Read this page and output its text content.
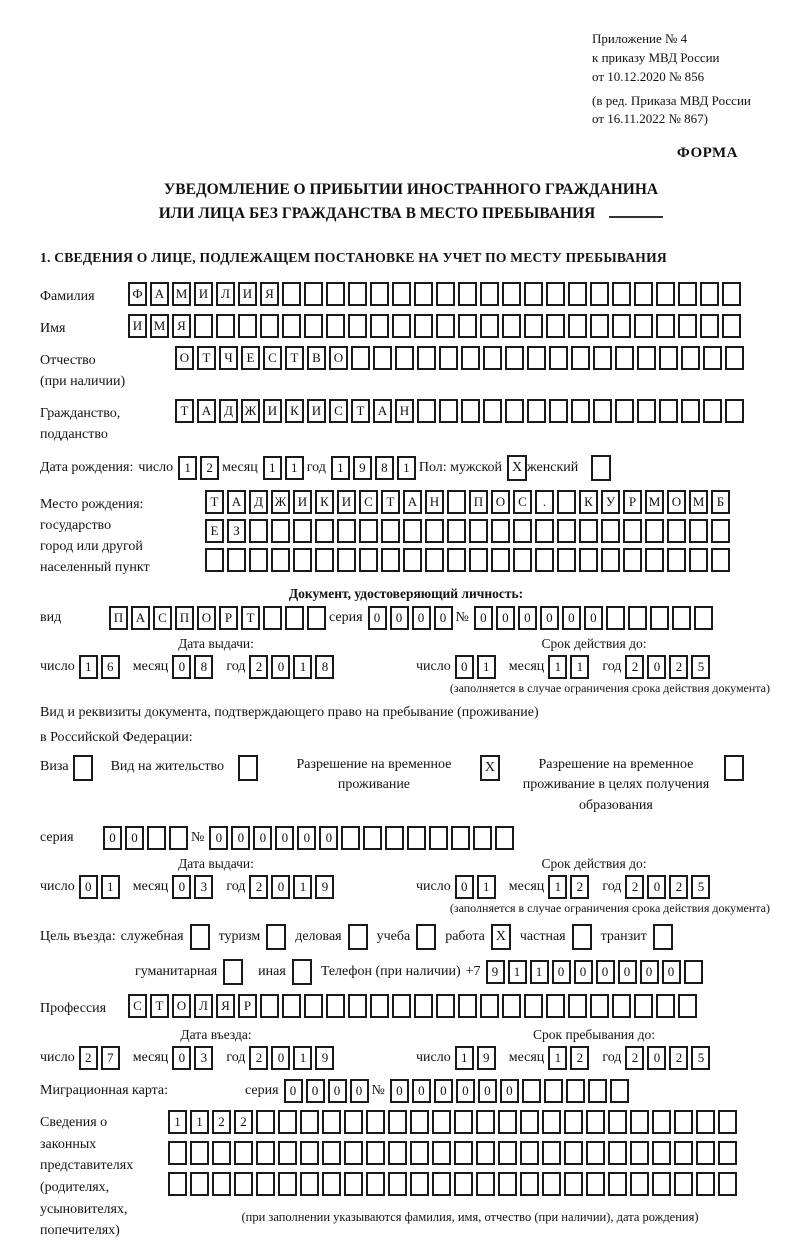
Приложение № 4
к приказу МВД России
от 10.12.2020 № 856
(в ред. Приказа МВД России
от 16.11.2022 № 867)
ФОРМА
УВЕДОМЛЕНИЕ О ПРИБЫТИИ ИНОСТРАННОГО ГРАЖДАНИНА
ИЛИ ЛИЦА БЕЗ ГРАЖДАНСТВА В МЕСТО ПРЕБЫВАНИЯ
1. СВЕДЕНИЯ О ЛИЦЕ, ПОДЛЕЖАЩЕМ ПОСТАНОВКЕ НА УЧЕТ ПО МЕСТУ ПРЕБЫВАНИЯ
Фамилия	Ф А М И Л И Я
Имя	И М Я
Отчество
(при наличии)
О	Т	Ч	Е	С	Т	В О
Гражданство,
подданство
Т	А Д Ж И К И С	Т	А Н
Дата рождения: число 1	2 месяц 1	1 год 1	9	8	1 Пол: мужской X женский
Место рождения:
государство
город или другой
населенный пункт
Т	А Д Ж И К И С	Т	А Н	П О С	.	К	У	Р М О М Б
Е	З
Документ, удостоверяющий личность:
вид	П А С П О	Р	Т	серия 0	0	0	0 № 0	0	0	0	0	0
Дата выдачи:
число 1	6	месяц 0	8	год 2	0	1	8
Срок действия до:
число 0	1	месяц 1	1	год 2	0	2	5
(заполняется в случае ограничения срока действия документа)
Вид и реквизиты документа, подтверждающего право на пребывание (проживание)
в Российской Федерации:
Виза	Вид на жительство	Разрешение на временное проживание
X	Разрешение на временное проживание в целях получения образования
серия	0	0	№ 0	0	0	0	0	0
Дата выдачи:
число 0	1	месяц 0	3	год 2	0	1	9
Срок действия до:
число 0	1	месяц 1	2	год 2	0	2	5
(заполняется в случае ограничения срока действия документа)
Цель въезда: служебная	туризм	деловая	учеба	работа X частная	транзит
гуманитарная	иная	Телефон (при наличии) +7 9	1	1	0	0	0	0	0	0
Профессия	С	Т	О Л	Я	Р
Дата въезда:
число 2	7	месяц 0	3	год 2	0	1	9
Срок пребывания до:
число 1	9	месяц 1	2	год 2	0	2	5
Миграционная карта:	серия 0	0	0	0 № 0	0	0	0	0	0
Сведения о
законных
представителях
(родителях,
усыновителях,
попечителях)
1	1	2	2
(при заполнении указываются фамилия, имя, отчество (при наличии), дата рождения)
